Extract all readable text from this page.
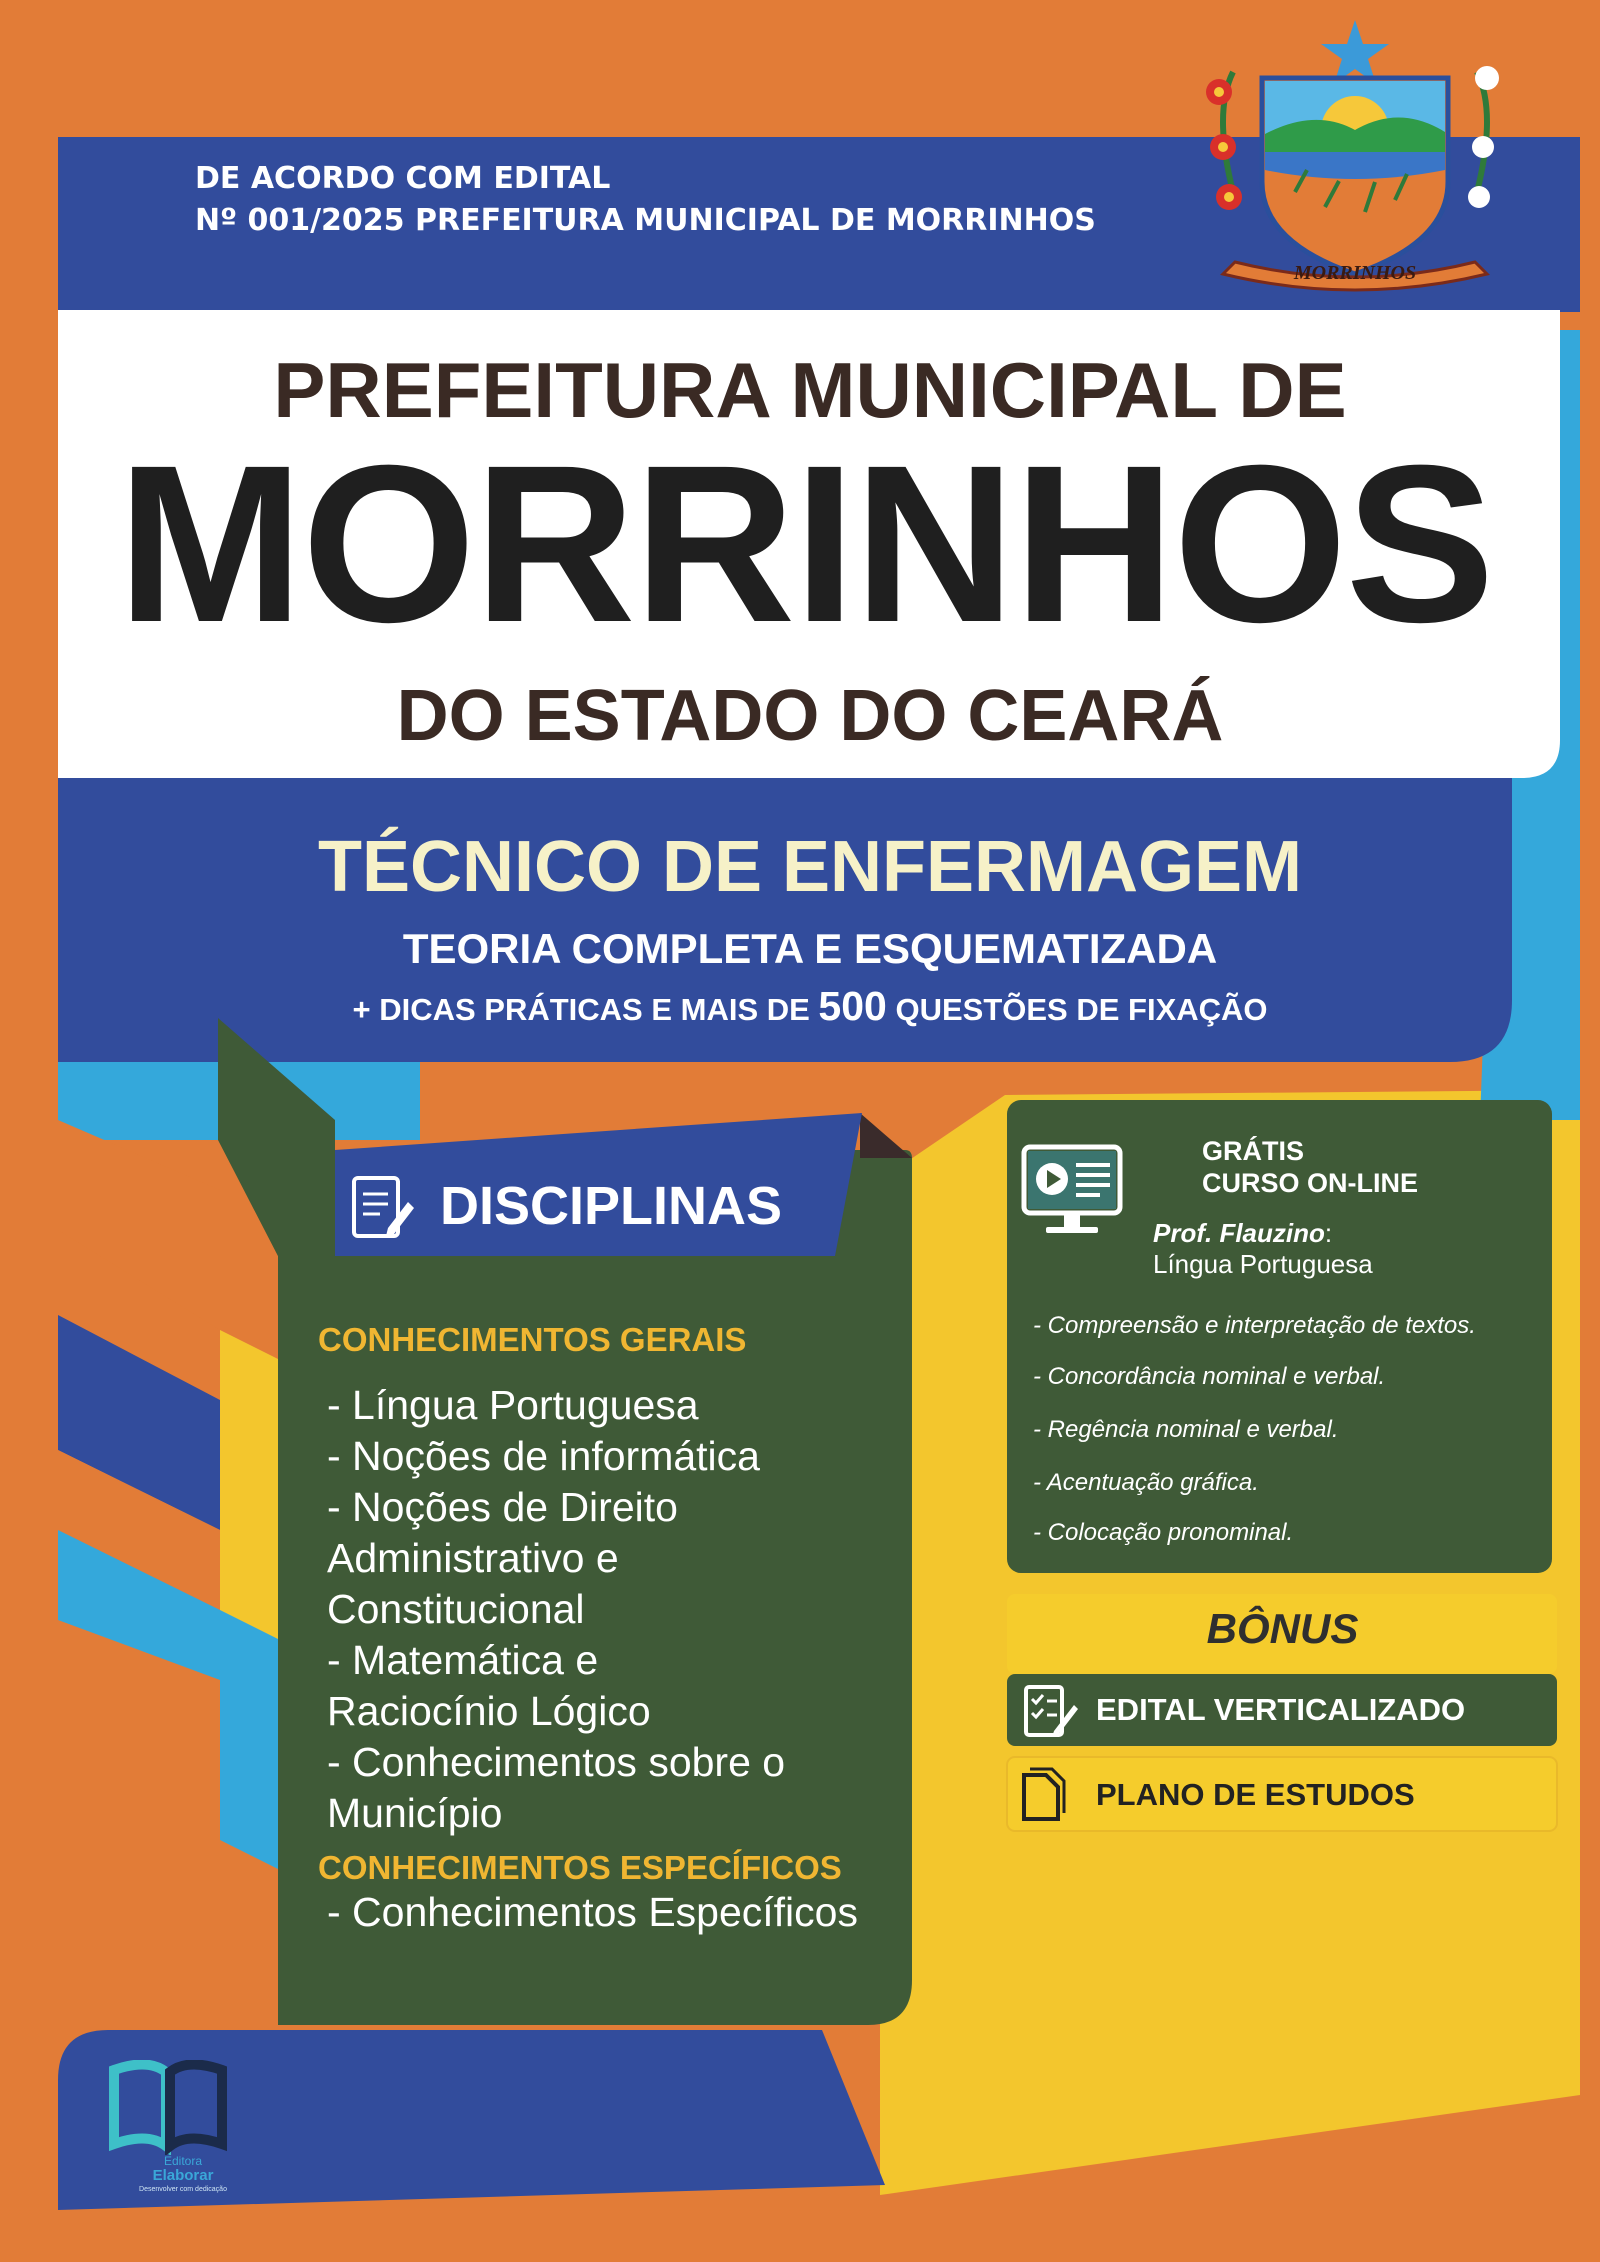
DE ACORDO COM EDITAL
Nº 001/2025 PREFEITURA MUNICIPAL DE MORRINHOS
MORRINHOS
PREFEITURA MUNICIPAL DE
MORRINHOS
DO ESTADO DO CEARÁ
TÉCNICO DE ENFERMAGEM
TEORIA COMPLETA E ESQUEMATIZADA
+ DICAS PRÁTICAS E MAIS DE 500 QUESTÕES DE FIXAÇÃO
DISCIPLINAS
CONHECIMENTOS GERAIS
- Língua Portuguesa
- Noções de informática
- Noções de Direito Administrativo e Constitucional
- Matemática e Raciocínio Lógico
- Conhecimentos sobre o Município
CONHECIMENTOS ESPECÍFICOS
- Conhecimentos Específicos
GRÁTIS
CURSO ON-LINE
Prof. Flauzino:
Língua Portuguesa
- Compreensão e interpretação de textos.
- Concordância nominal e verbal.
- Regência nominal e verbal.
- Acentuação gráfica.
- Colocação pronominal.
BÔNUS
EDITAL VERTICALIZADO
PLANO DE ESTUDOS
Editora
Elaborar
Desenvolver com dedicação
